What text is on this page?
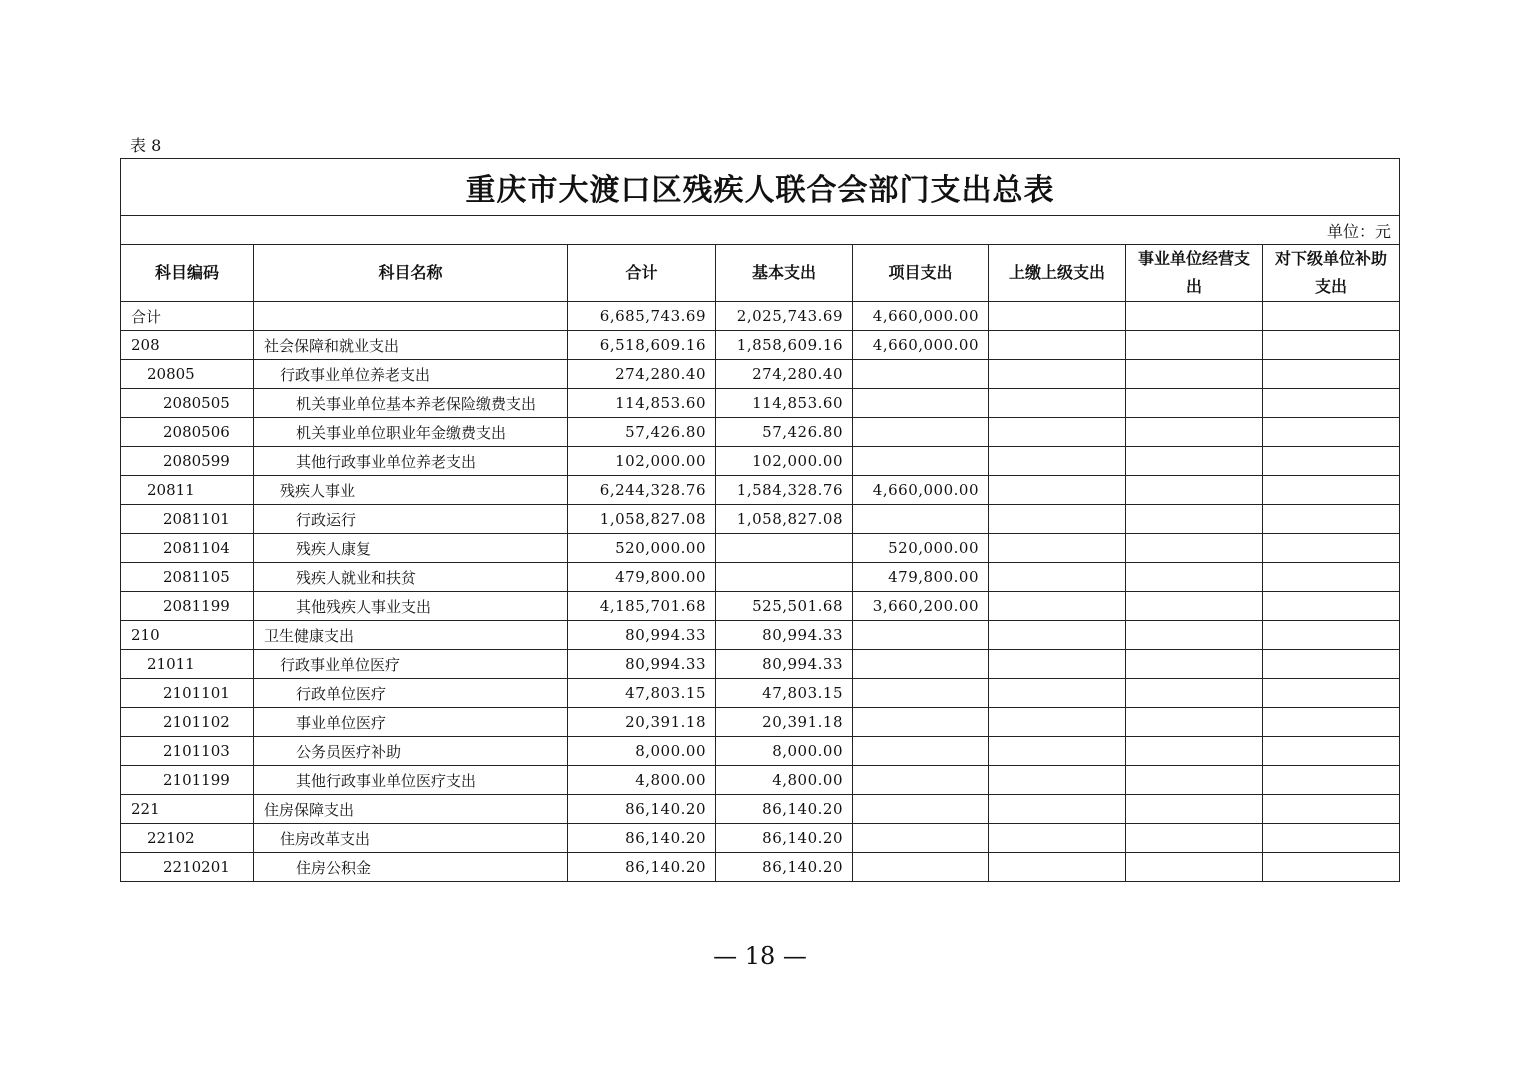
表 8
重庆市大渡口区残疾人联合会部门支出总表							
单位：元							
科目编码	科目名称	合计	基本支出	项目支出	上缴上级支出	事业单位经营支出	对下级单位补助支出
合计		6,685,743.69	2,025,743.69	4,660,000.00			
208	社会保障和就业支出	6,518,609.16	1,858,609.16	4,660,000.00			
20805	行政事业单位养老支出	274,280.40	274,280.40				
2080505	机关事业单位基本养老保险缴费支出	114,853.60	114,853.60				
2080506	机关事业单位职业年金缴费支出	57,426.80	57,426.80				
2080599	其他行政事业单位养老支出	102,000.00	102,000.00				
20811	残疾人事业	6,244,328.76	1,584,328.76	4,660,000.00			
2081101	行政运行	1,058,827.08	1,058,827.08				
2081104	残疾人康复	520,000.00		520,000.00			
2081105	残疾人就业和扶贫	479,800.00		479,800.00			
2081199	其他残疾人事业支出	4,185,701.68	525,501.68	3,660,200.00			
210	卫生健康支出	80,994.33	80,994.33				
21011	行政事业单位医疗	80,994.33	80,994.33				
2101101	行政单位医疗	47,803.15	47,803.15				
2101102	事业单位医疗	20,391.18	20,391.18				
2101103	公务员医疗补助	8,000.00	8,000.00				
2101199	其他行政事业单位医疗支出	4,800.00	4,800.00				
221	住房保障支出	86,140.20	86,140.20				
22102	住房改革支出	86,140.20	86,140.20				
2210201	住房公积金	86,140.20	86,140.20				
— 18 —
